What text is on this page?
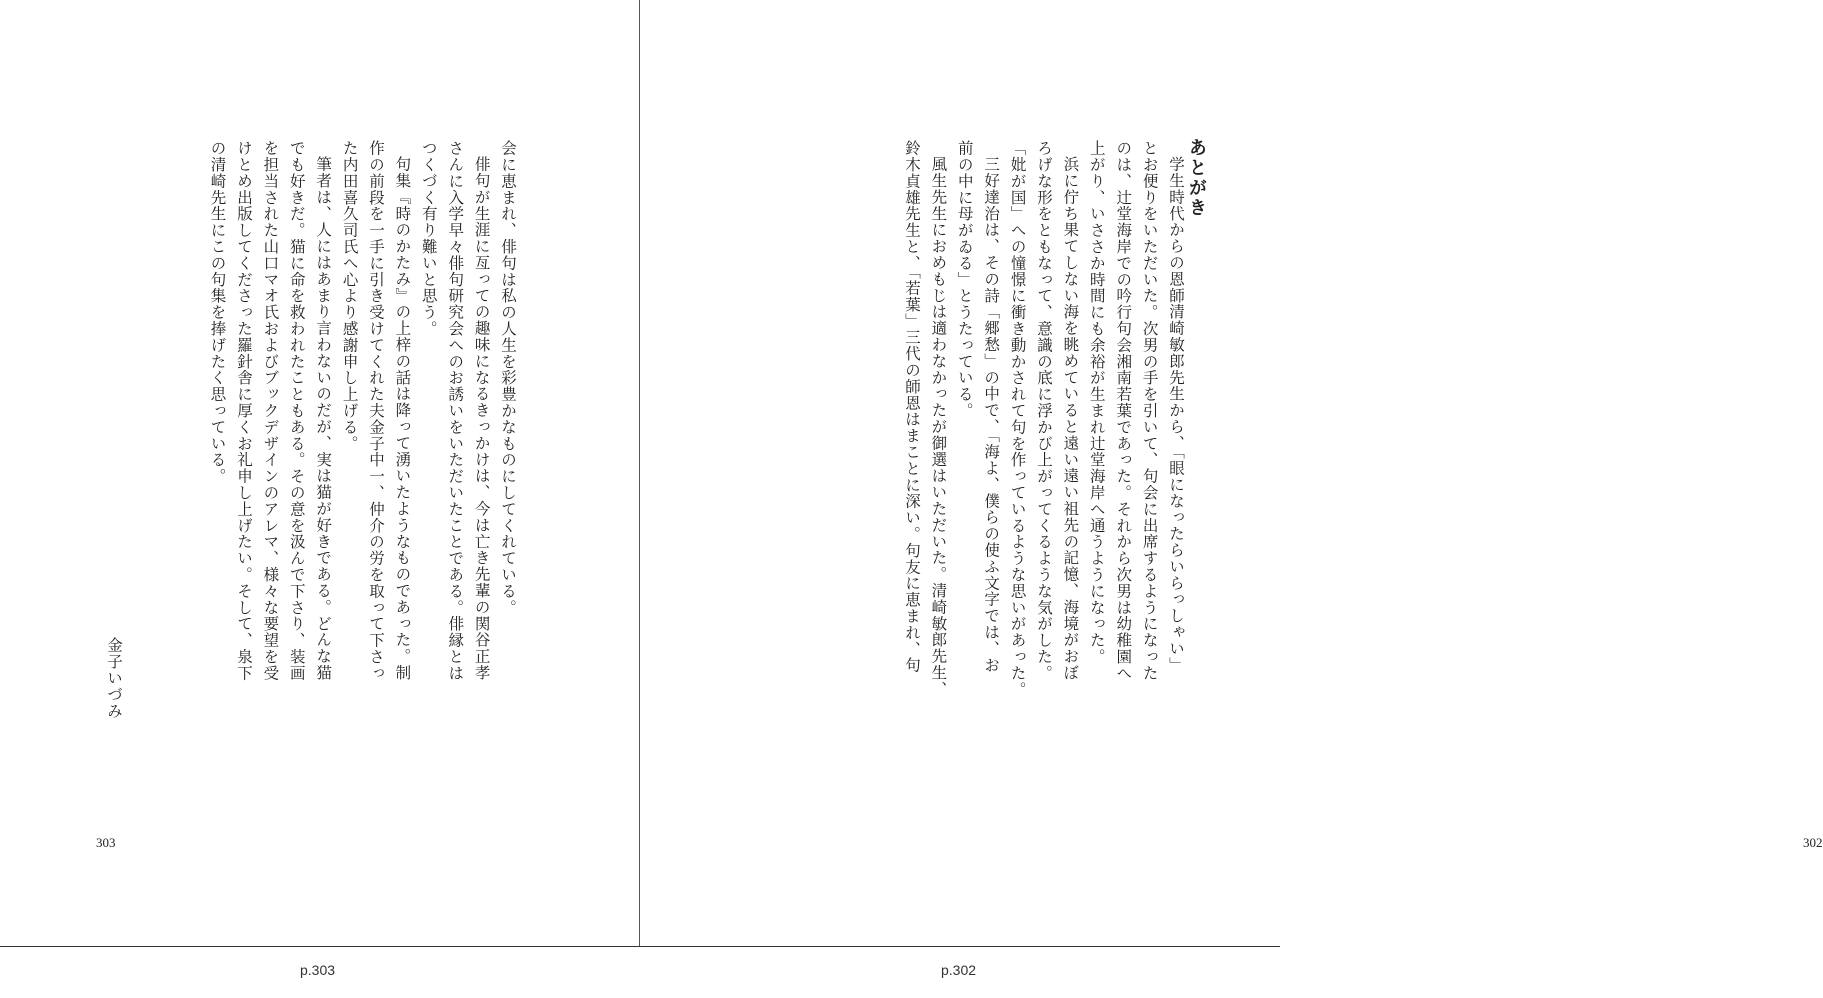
会に恵まれ、俳句は私の人生を彩豊かなものにしてくれている。

俳句が生涯に亙っての趣味になるきっかけは、今は亡き先輩の関谷正孝

さんに入学早々俳句研究会へのお誘いをいただいたことである。俳縁とは

つくづく有り難いと思う。

句集『時のかたみ』の上梓の話は降って湧いたようなものであった。制

作の前段を一手に引き受けてくれた夫金子中一、仲介の労を取って下さっ

た内田喜久司氏へ心より感謝申し上げる。

筆者は、人にはあまり言わないのだが、実は猫が好きである。どんな猫

でも好きだ。猫に命を救われたこともある。その意を汲んで下さり、装画

を担当された山口マオ氏およびブックデザインのアレマ、様々な要望を受

けとめ出版してくださった羅針舎に厚くお礼申し上げたい。そして、泉下

の清崎先生にこの句集を捧げたく思っている。

金子いづみ
303
あとがき

学生時代からの恩師清崎敏郎先生から、「眼になったらいらっしゃい」

とお便りをいただいた。次男の手を引いて、句会に出席するようになった

のは、辻堂海岸での吟行句会湘南若葉であった。それから次男は幼稚園へ

上がり、いささか時間にも余裕が生まれ辻堂海岸へ通うようになった。

浜に佇ち果てしない海を眺めていると遠い遠い祖先の記憶、海境がおぼ

ろげな形をともなって、意識の底に浮かび上がってくるような気がした。

「妣が国」への憧憬に衝き動かされて句を作っているような思いがあった。

三好達治は、その詩「郷愁」の中で、「海よ、僕らの使ふ文字では、お

前の中に母がゐる」とうたっている。

風生先生におめもじは適わなかったが御選はいただいた。清崎敏郎先生、

鈴木貞雄先生と、「若葉」三代の師恩はまことに深い。句友に恵まれ、句

302
p.303	p.302
